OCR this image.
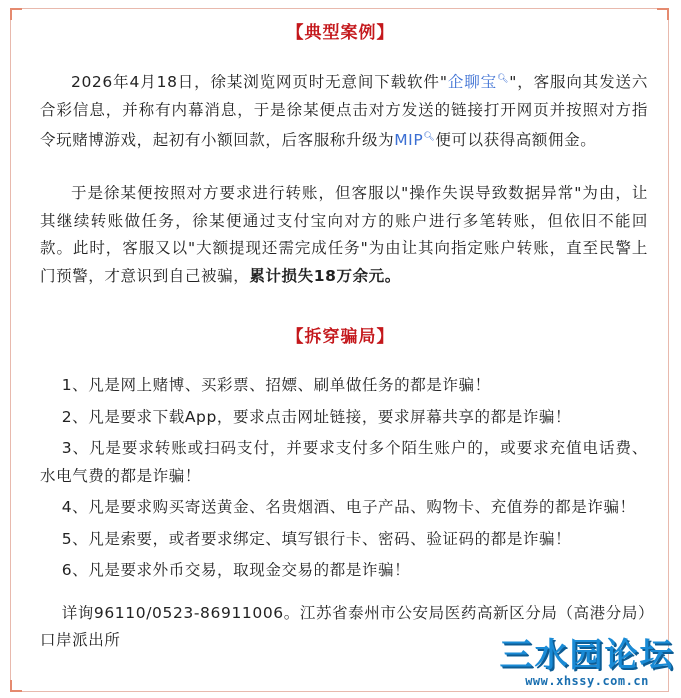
【典型案例】

2026年4月18日，徐某浏览网页时无意间下载软件"企聊宝🔍︎"，客服向其发送六合彩信息，并称有内幕消息，于是徐某便点击对方发送的链接打开网页并按照对方指令玩赌博游戏，起初有小额回款，后客服称升级为MIP🔍︎便可以获得高额佣金。

于是徐某便按照对方要求进行转账，但客服以"操作失误导致数据异常"为由，让其继续转账做任务，徐某便通过支付宝向对方的账户进行多笔转账，但依旧不能回款。此时，客服又以"大额提现还需完成任务"为由让其向指定账户转账，直至民警上门预警，才意识到自己被骗，累计损失18万余元。

【拆穿骗局】
1、凡是网上赌博、买彩票、招嫖、刷单做任务的都是诈骗！
2、凡是要求下载App，要求点击网址链接，要求屏幕共享的都是诈骗！
3、凡是要求转账或扫码支付，并要求支付多个陌生账户的，或要求充值电话费、水电气费的都是诈骗！
4、凡是要求购买寄送黄金、名贵烟酒、电子产品、购物卡、充值券的都是诈骗！
5、凡是索要，或者要求绑定、填写银行卡、密码、验证码的都是诈骗！
6、凡是要求外币交易，取现金交易的都是诈骗！

详询96110/0523-86911006。江苏省泰州市公安局医药高新区分局（高港分局）口岸派出所	三水园论坛
www.xhssy.com.cn
